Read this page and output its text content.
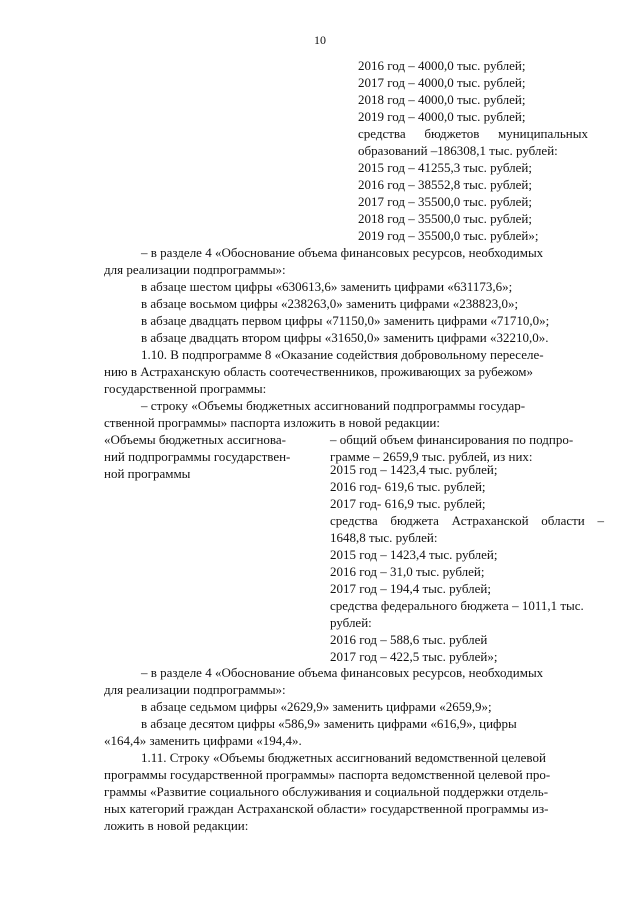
10
2016 год – 4000,0 тыс. рублей;
2017 год – 4000,0 тыс. рублей;
2018 год – 4000,0 тыс. рублей;
2019 год – 4000,0 тыс. рублей;
средства бюджетов муниципальных
образований –186308,1 тыс. рублей:
2015 год – 41255,3 тыс. рублей;
2016 год – 38552,8 тыс. рублей;
2017 год – 35500,0 тыс. рублей;
2018 год – 35500,0 тыс. рублей;
2019 год – 35500,0 тыс. рублей»;
– в разделе 4 «Обоснование объема финансовых ресурсов, необходимых
для реализации подпрограммы»:
в абзаце шестом цифры «630613,6» заменить цифрами «631173,6»;
в абзаце восьмом цифры «238263,0» заменить цифрами «238823,0»;
в абзаце двадцать первом цифры «71150,0» заменить цифрами «71710,0»;
в абзаце двадцать втором цифры «31650,0» заменить цифрами «32210,0».
1.10. В подпрограмме 8 «Оказание содействия добровольному переселе-
нию в Астраханскую область соотечественников, проживающих за рубежом»
государственной программы:
– строку «Объемы бюджетных ассигнований подпрограммы государ-
ственной программы» паспорта изложить в новой редакции:
«Объемы бюджетных ассигнова-
ний подпрограммы государствен-
ной программы
– общий объем финансирования по подпро-
грамме – 2659,9 тыс. рублей, из них:
2015 год – 1423,4 тыс. рублей;
2016 год- 619,6 тыс. рублей;
2017 год- 616,9 тыс. рублей;
средства бюджета Астраханской области –
1648,8 тыс. рублей:
2015 год – 1423,4 тыс. рублей;
2016 год – 31,0 тыс. рублей;
2017 год – 194,4 тыс. рублей;
средства федерального бюджета – 1011,1 тыс.
рублей:
2016 год – 588,6 тыс. рублей
2017 год – 422,5 тыс. рублей»;
– в разделе 4 «Обоснование объема финансовых ресурсов, необходимых
для реализации подпрограммы»:
в абзаце седьмом цифры «2629,9» заменить цифрами «2659,9»;
в абзаце десятом цифры «586,9» заменить цифрами «616,9», цифры
«164,4» заменить цифрами «194,4».
1.11. Строку «Объемы бюджетных ассигнований ведомственной целевой
программы государственной программы» паспорта ведомственной целевой про-
граммы «Развитие социального обслуживания и социальной поддержки отдель-
ных категорий граждан Астраханской области» государственной программы из-
ложить в новой редакции:
